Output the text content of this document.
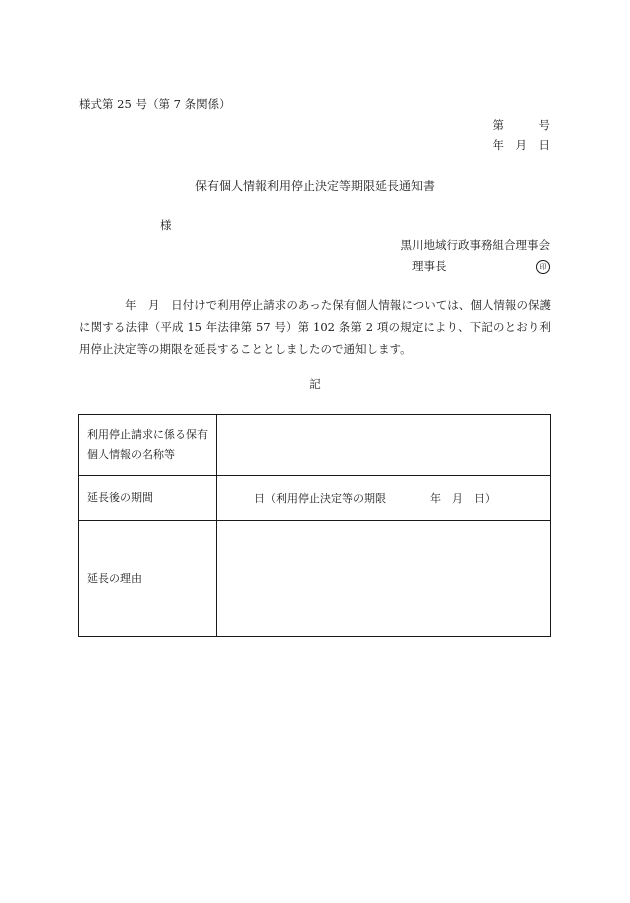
様式第 25 号（第 7 条関係）
第　　　号
年　月　日
保有個人情報利用停止決定等期限延長通知書
様
黒川地域行政事務組合理事会
理事長	印
年　月　日付けで利用停止請求のあった保有個人情報については、個人情報の保護に関する法律（平成 15 年法律第 57 号）第 102 条第 2 項の規定により、下記のとおり利用停止決定等の期限を延長することとしましたので通知します。
記
利用停止請求に係る保有個人情報の名称等	
延長後の期間	日（利用停止決定等の期限　　　　年　月　日）
延長の理由	
